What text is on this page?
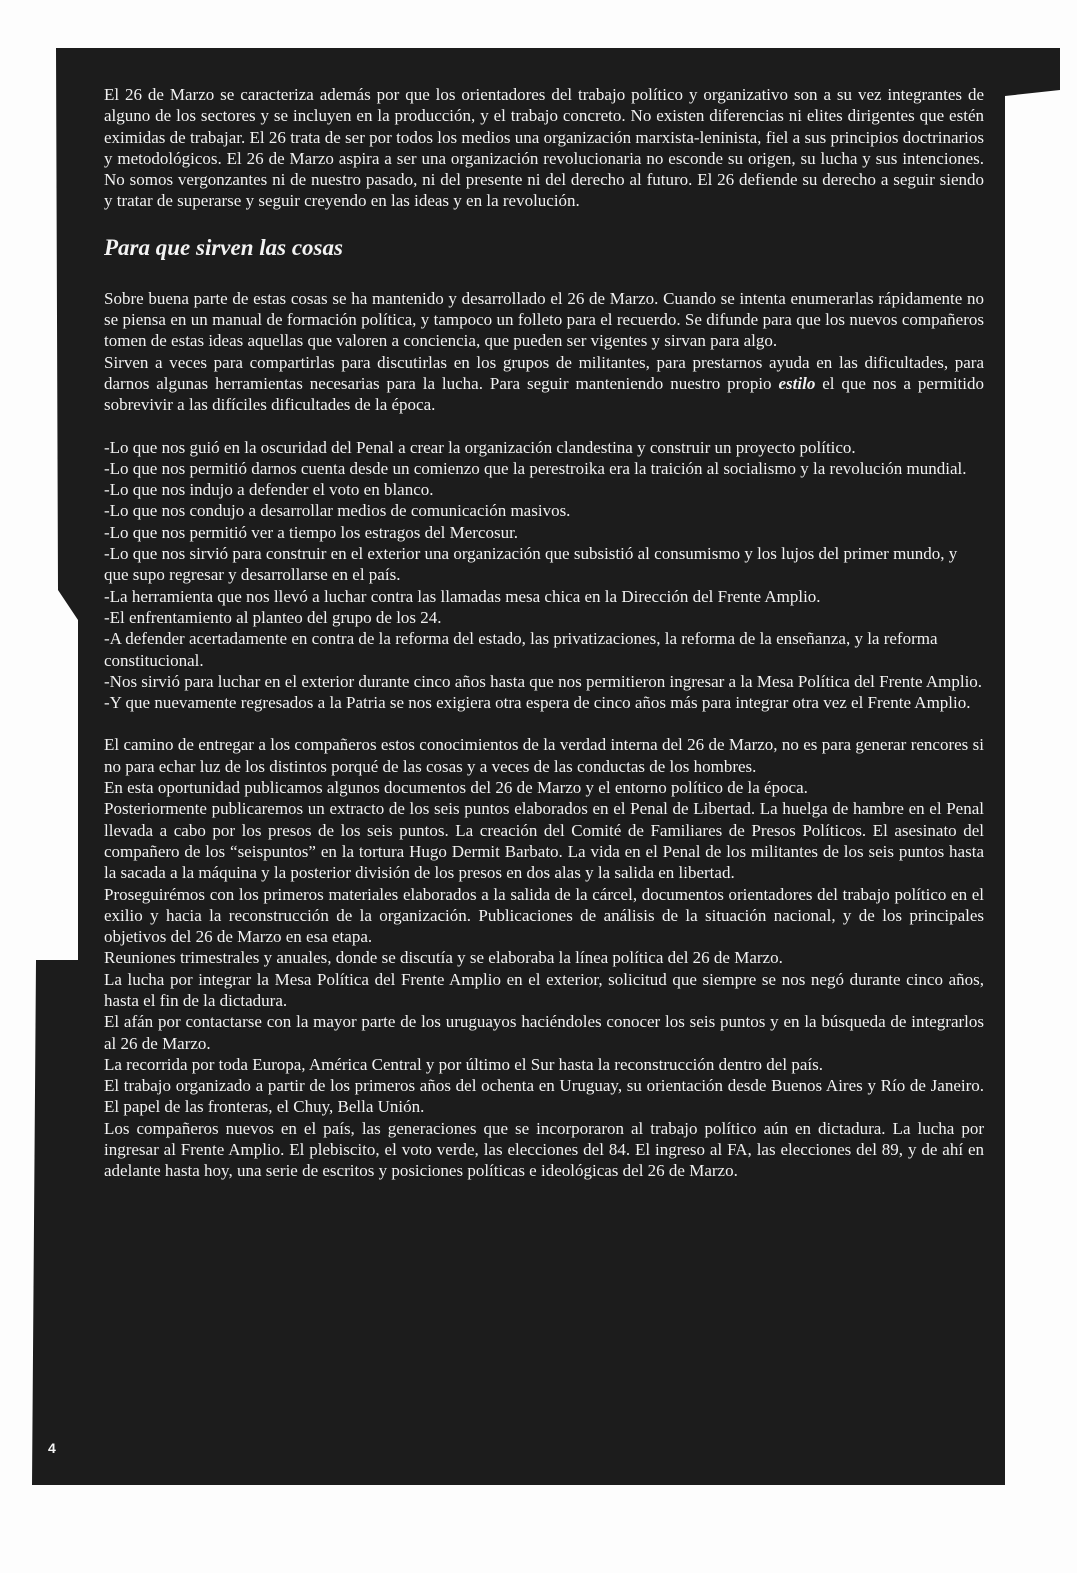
El 26 de Marzo se caracteriza además por que los orientadores del trabajo político y organizativo son a su vez integrantes de alguno de los sectores y se incluyen en la producción, y el trabajo concreto. No existen diferencias ni elites dirigentes que estén eximidas de trabajar. El 26 trata de ser por todos los medios una organización marxista-leninista, fiel a sus principios doctrinarios y metodológicos. El 26 de Marzo aspira a ser una organización revolucionaria no esconde su origen, su lucha y sus intenciones. No somos vergonzantes ni de nuestro pasado, ni del presente ni del derecho al futuro. El 26 defiende su derecho a seguir siendo y tratar de superarse y seguir creyendo en las ideas y en la revolución.

Para que sirven las cosas

Sobre buena parte de estas cosas se ha mantenido y desarrollado el 26 de Marzo. Cuando se intenta enumerarlas rápidamente no se piensa en un manual de formación política, y tampoco un folleto para el recuerdo. Se difunde para que los nuevos compañeros tomen de estas ideas aquellas que valoren a conciencia, que pueden ser vigentes y sirvan para algo.

Sirven a veces para compartirlas para discutirlas en los grupos de militantes, para prestarnos ayuda en las dificultades, para darnos algunas herramientas necesarias para la lucha. Para seguir manteniendo nuestro propio estilo el que nos a permitido sobrevivir a las difíciles dificultades de la época.

-Lo que nos guió en la oscuridad del Penal a crear la organización clandestina y construir un proyecto político.

-Lo que nos permitió darnos cuenta desde un comienzo que la perestroika era la traición al socialismo y la revolución mundial.

-Lo que nos indujo a defender el voto en blanco.

-Lo que nos condujo a desarrollar medios de comunicación masivos.

-Lo que nos permitió ver a tiempo los estragos del Mercosur.

-Lo que nos sirvió para construir en el exterior una organización que subsistió al consumismo y los lujos del primer mundo, y que supo regresar y desarrollarse en el país.

-La herramienta que nos llevó a luchar contra las llamadas mesa chica en la Dirección del Frente Amplio.

-El enfrentamiento al planteo del grupo de los 24.

-A defender acertadamente en contra de la reforma del estado, las privatizaciones, la reforma de la enseñanza, y la reforma constitucional.

-Nos sirvió para luchar en el exterior durante cinco años hasta que nos permitieron ingresar a la Mesa Política del Frente Amplio.

-Y que nuevamente regresados a la Patria se nos exigiera otra espera de cinco años más para integrar otra vez el Frente Amplio.

El camino de entregar a los compañeros estos conocimientos de la verdad interna del 26 de Marzo, no es para generar rencores si no para echar luz de los distintos porqué de las cosas y a veces de las conductas de los hombres.

En esta oportunidad publicamos algunos documentos del 26 de Marzo y el entorno político de la época.

Posteriormente publicaremos un extracto de los seis puntos elaborados en el Penal de Libertad. La huelga de hambre en el Penal llevada a cabo por los presos de los seis puntos. La creación del Comité de Familiares de Presos Políticos. El asesinato del compañero de los “seispuntos” en la tortura Hugo Dermit Barbato. La vida en el Penal de los militantes de los seis puntos hasta la sacada a la máquina y la posterior división de los presos en dos alas y la salida en libertad.

Proseguirémos con los primeros materiales elaborados a la salida de la cárcel, documentos orientadores del trabajo político en el exilio y hacia la reconstrucción de la organización. Publicaciones de análisis de la situación nacional, y de los principales objetivos del 26 de Marzo en esa etapa.

Reuniones trimestrales y anuales, donde se discutía y se elaboraba la línea política del 26 de Marzo.

La lucha por integrar la Mesa Política del Frente Amplio en el exterior, solicitud que siempre se nos negó durante cinco años, hasta el fin de la dictadura.

El afán por contactarse con la mayor parte de los uruguayos haciéndoles conocer los seis puntos y en la búsqueda de integrarlos al 26 de Marzo.

La recorrida por toda Europa, América Central y por último el Sur hasta la reconstrucción dentro del país.

El trabajo organizado a partir de los primeros años del ochenta en Uruguay, su orientación desde Buenos Aires y Río de Janeiro. El papel de las fronteras, el Chuy, Bella Unión.

Los compañeros nuevos en el país, las generaciones que se incorporaron al trabajo político aún en dictadura. La lucha por ingresar al Frente Amplio. El plebiscito, el voto verde, las elecciones del 84. El ingreso al FA, las elecciones del 89, y de ahí en adelante hasta hoy, una serie de escritos y posiciones políticas e ideológicas del 26 de Marzo.

4
